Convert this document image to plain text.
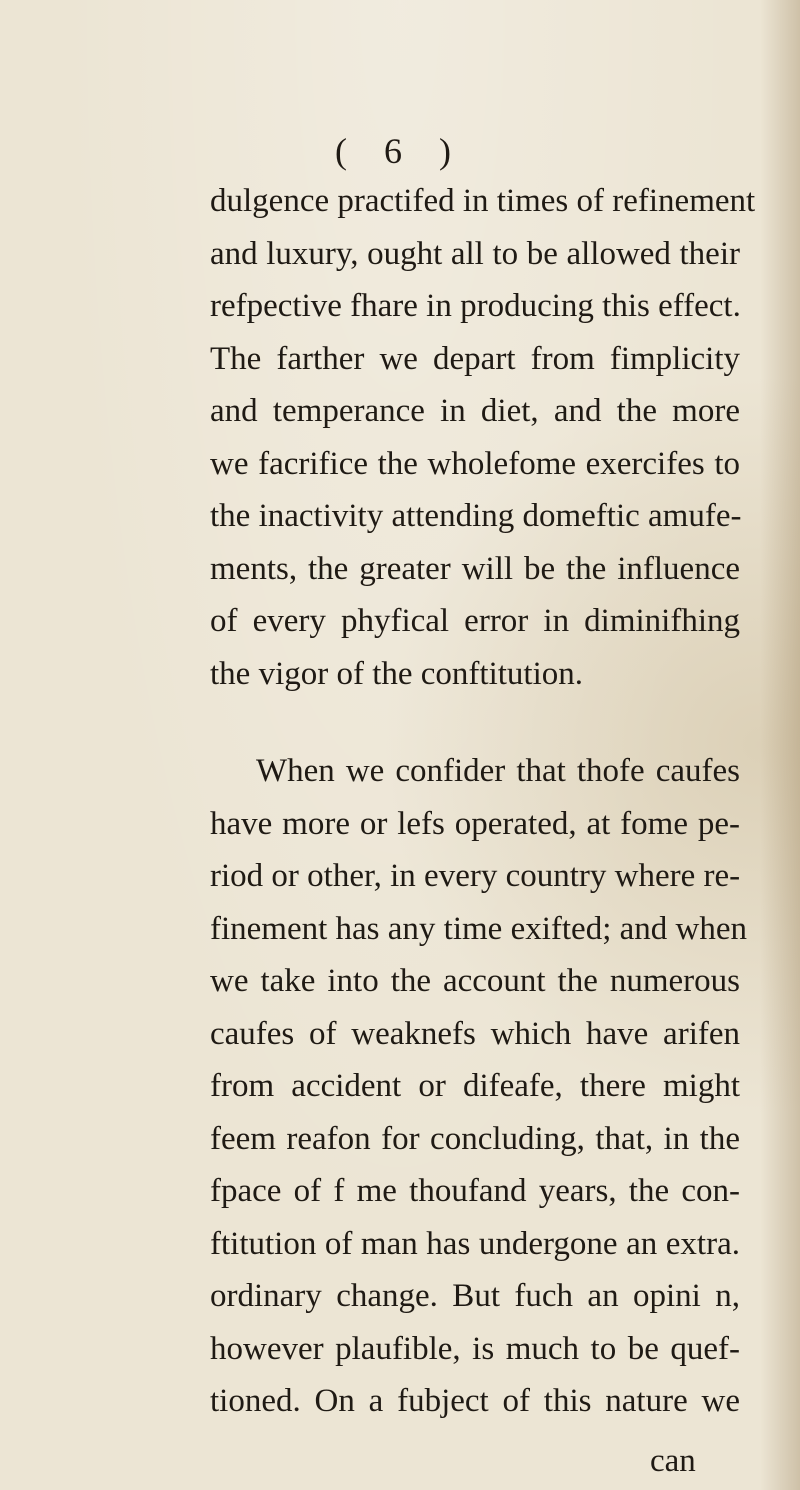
( 6 )
dulgence practifed in times of refinement
and luxury, ought all to be allowed their
refpective fhare in producing this effect.
The farther we depart from fimplicity
and temperance in diet, and the more
we facrifice the wholefome exercifes to
the inactivity attending domeftic amufe-
ments, the greater will be the influence
of every phyfical error in diminifhing
the vigor of the conftitution.
When we confider that thofe caufes
have more or lefs operated, at fome pe-
riod or other, in every country where re-
finement has any time exifted; and when
we take into the account the numerous
caufes of weaknefs which have arifen
from accident or difeafe, there might
feem reafon for concluding, that, in the
fpace of f me thoufand years, the con-
ftitution of man has undergone an extra.
ordinary change. But fuch an opini n,
however plaufible, is much to be quef-
tioned. On a fubject of this nature we
can
